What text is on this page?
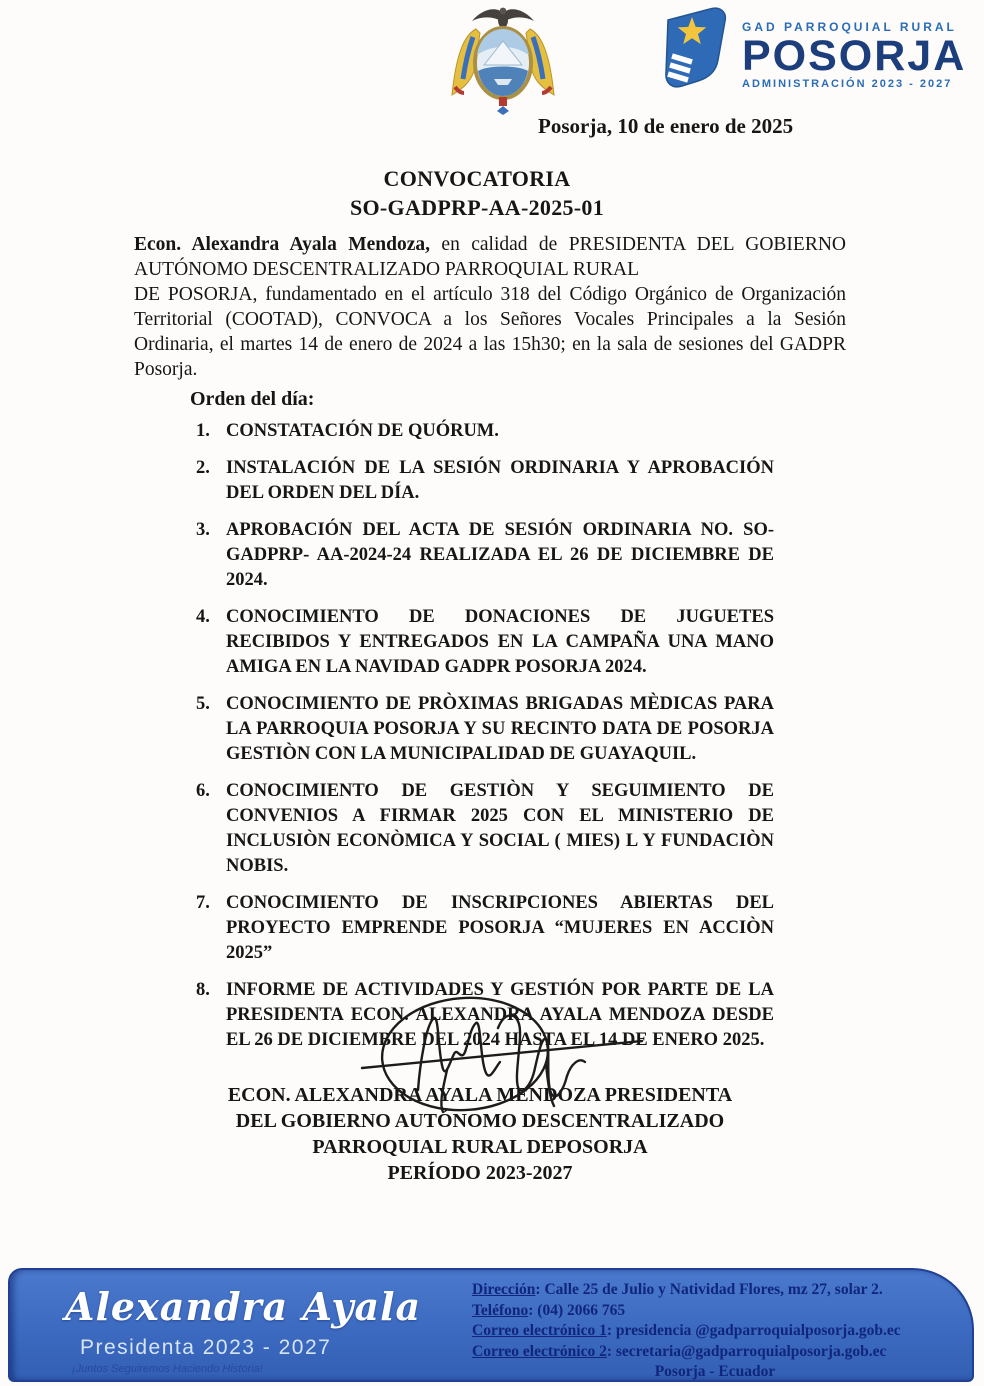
GAD PARROQUIAL RURAL
POSORJA
ADMINISTRACIÓN 2023 - 2027
Posorja, 10 de enero de 2025
CONVOCATORIA
SO-GADPRP-AA-2025-01
Econ. Alexandra Ayala Mendoza, en calidad de PRESIDENTA DEL GOBIERNO AUTÓNOMO DESCENTRALIZADO PARROQUIAL RURAL
DE POSORJA, fundamentado en el artículo 318 del Código Orgánico de Organización Territorial (COOTAD), CONVOCA a los Señores Vocales Principales a la Sesión Ordinaria, el martes 14 de enero de 2024 a las 15h30; en la sala de sesiones del GADPR Posorja.
Orden del día:
1. CONSTATACIÓN DE QUÓRUM.
2. INSTALACIÓN DE LA SESIÓN ORDINARIA Y APROBACIÓN DEL ORDEN DEL DÍA.
3. APROBACIÓN DEL ACTA DE SESIÓN ORDINARIA NO. SO-GADPRP- AA-2024-24 REALIZADA EL 26 DE DICIEMBRE DE 2024.
4. CONOCIMIENTO DE DONACIONES DE JUGUETES RECIBIDOS Y ENTREGADOS EN LA CAMPAÑA UNA MANO AMIGA EN LA NAVIDAD GADPR POSORJA 2024.
5. CONOCIMIENTO DE PRÒXIMAS BRIGADAS MÈDICAS PARA LA PARROQUIA POSORJA Y SU RECINTO DATA DE POSORJA GESTIÒN CON LA MUNICIPALIDAD DE GUAYAQUIL.
6. CONOCIMIENTO DE GESTIÒN Y SEGUIMIENTO DE CONVENIOS A FIRMAR 2025 CON EL MINISTERIO DE INCLUSIÒN ECONÒMICA Y SOCIAL ( MIES) L Y FUNDACIÒN NOBIS.
7. CONOCIMIENTO DE INSCRIPCIONES ABIERTAS DEL PROYECTO EMPRENDE POSORJA “MUJERES EN ACCIÒN 2025”
8. INFORME DE ACTIVIDADES Y GESTIÓN POR PARTE DE LA PRESIDENTA ECON. ALEXANDRA AYALA MENDOZA DESDE EL 26 DE DICIEMBRE DEL 2024 HASTA EL 14 DE ENERO 2025.
ECON. ALEXANDRA AYALA MENDOZA PRESIDENTA
DEL GOBIERNO AUTÓNOMO DESCENTRALIZADO
PARROQUIAL RURAL DEPOSORJA
PERÍODO 2023-2027
Alexandra Ayala
Presidenta 2023 - 2027
¡Juntos Seguiremos Haciendo Historia!
Dirección: Calle 25 de Julio y Natividad Flores, mz 27, solar 2.
Teléfono: (04) 2066 765
Correo electrónico 1: presidencia @gadparroquialposorja.gob.ec
Correo electrónico 2: secretaria@gadparroquialposorja.gob.ec
Posorja - Ecuador
